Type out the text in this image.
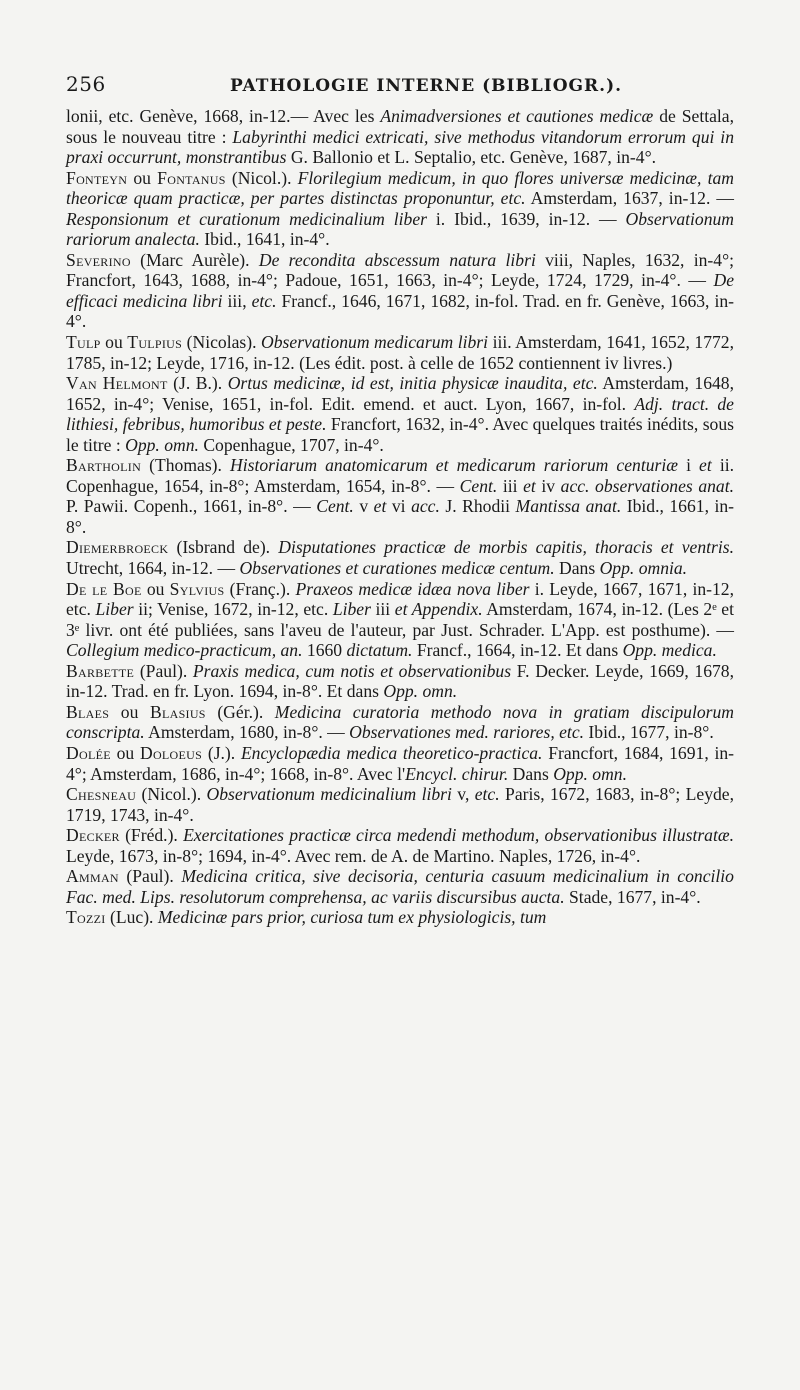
256	PATHOLOGIE INTERNE (BIBLIOGR.).

lonii, etc. Genève, 1668, in-12.— Avec les Animadversiones et cautiones medicæ de Settala, sous le nouveau titre : Labyrinthi medici extricati, sive methodus vitandorum errorum qui in praxi occurrunt, monstrantibus G. Ballonio et L. Septalio, etc. Genève, 1687, in-4°.

Fonteyn ou Fontanus (Nicol.). Florilegium medicum, in quo flores universæ medicinæ, tam theoricæ quam practicæ, per partes distinctas proponuntur, etc. Amsterdam, 1637, in-12. — Responsionum et curationum medicinalium liber i. Ibid., 1639, in-12. — Observationum rariorum analecta. Ibid., 1641, in-4°.

Severino (Marc Aurèle). De recondita abscessum natura libri viii, Naples, 1632, in-4°; Francfort, 1643, 1688, in-4°; Padoue, 1651, 1663, in-4°; Leyde, 1724, 1729, in-4°. — De efficaci medicina libri iii, etc. Francf., 1646, 1671, 1682, in-fol. Trad. en fr. Genève, 1663, in-4°.

Tulp ou Tulpius (Nicolas). Observationum medicarum libri iii. Amsterdam, 1641, 1652, 1772, 1785, in-12; Leyde, 1716, in-12. (Les édit. post. à celle de 1652 contiennent iv livres.)

Van Helmont (J. B.). Ortus medicinæ, id est, initia physicæ inaudita, etc. Amsterdam, 1648, 1652, in-4°; Venise, 1651, in-fol. Edit. emend. et auct. Lyon, 1667, in-fol. Adj. tract. de lithiesi, febribus, humoribus et peste. Francfort, 1632, in-4°. Avec quelques traités inédits, sous le titre : Opp. omn. Copenhague, 1707, in-4°.

Bartholin (Thomas). Historiarum anatomicarum et medicarum rariorum centuriæ i et ii. Copenhague, 1654, in-8°; Amsterdam, 1654, in-8°. — Cent. iii et iv acc. observationes anat. P. Pawii. Copenh., 1661, in-8°. — Cent. v et vi acc. J. Rhodii Mantissa anat. Ibid., 1661, in-8°.

Diemerbroeck (Isbrand de). Disputationes practicæ de morbis capitis, thoracis et ventris. Utrecht, 1664, in-12. — Observationes et curationes medicæ centum. Dans Opp. omnia.

De le Boe ou Sylvius (Franç.). Praxeos medicæ idæa nova liber i. Leyde, 1667, 1671, in-12, etc. Liber ii; Venise, 1672, in-12, etc. Liber iii et Appendix. Amsterdam, 1674, in-12. (Les 2ᵉ et 3ᵉ livr. ont été publiées, sans l'aveu de l'auteur, par Just. Schrader. L'App. est posthume). — Collegium medico-practicum, an. 1660 dictatum. Francf., 1664, in-12. Et dans Opp. medica.

Barbette (Paul). Praxis medica, cum notis et observationibus F. Decker. Leyde, 1669, 1678, in-12. Trad. en fr. Lyon. 1694, in-8°. Et dans Opp. omn.

Blaes ou Blasius (Gér.). Medicina curatoria methodo nova in gratiam discipulorum conscripta. Amsterdam, 1680, in-8°. — Observationes med. rariores, etc. Ibid., 1677, in-8°.

Dolée ou Doloeus (J.). Encyclopædia medica theoretico-practica. Francfort, 1684, 1691, in-4°; Amsterdam, 1686, in-4°; 1668, in-8°. Avec l'Encycl. chirur. Dans Opp. omn.

Chesneau (Nicol.). Observationum medicinalium libri v, etc. Paris, 1672, 1683, in-8°; Leyde, 1719, 1743, in-4°.

Decker (Fréd.). Exercitationes practicæ circa medendi methodum, observationibus illustratæ. Leyde, 1673, in-8°; 1694, in-4°. Avec rem. de A. de Martino. Naples, 1726, in-4°.

Amman (Paul). Medicina critica, sive decisoria, centuria casuum medicinalium in concilio Fac. med. Lips. resolutorum comprehensa, ac variis discursibus aucta. Stade, 1677, in-4°.

Tozzi (Luc). Medicinæ pars prior, curiosa tum ex physiologicis, tum
